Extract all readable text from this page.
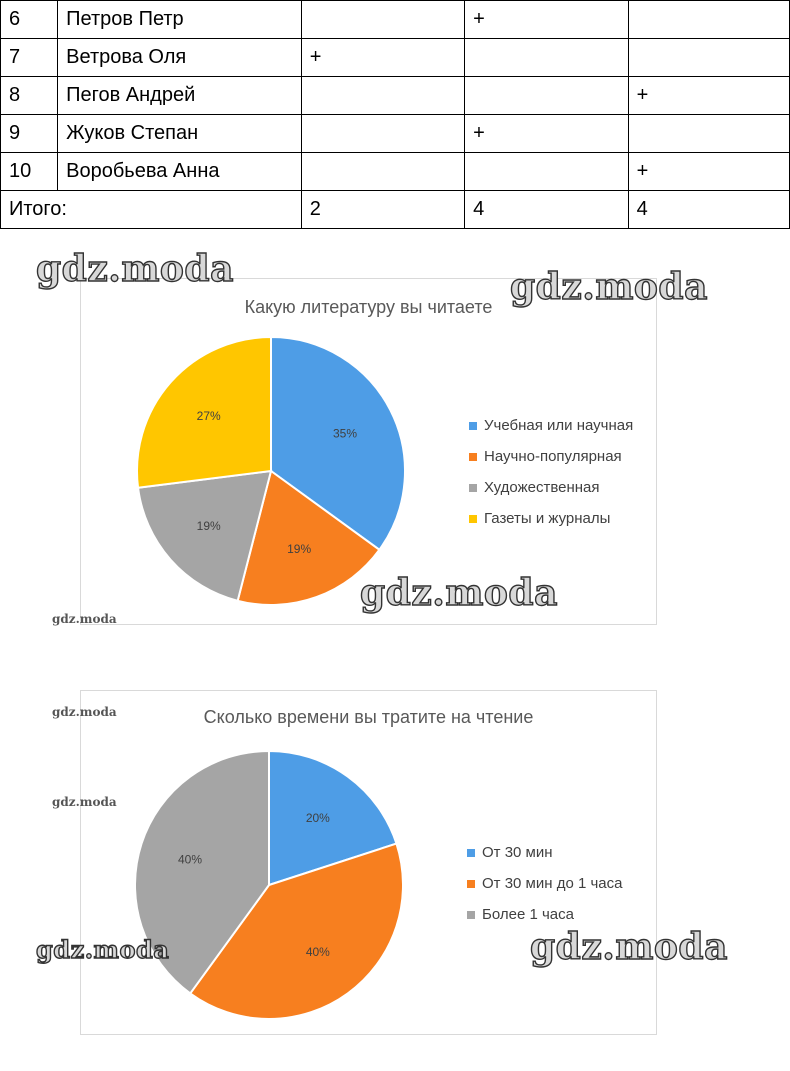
6	Петров Петр		+	
7	Ветрова Оля	+		
8	Пегов Андрей			+
9	Жуков Степан		+	
10	Воробьева Анна			+
Итого:		2	4	4
Какую литературу вы читаете
35%
19%
19%
27%
Учебная или научная
Научно-популярная
Художественная
Газеты и журналы
Сколько времени вы тратите на чтение
20%
40%
40%	От 30 мин
От 30 мин до 1 часа
Более 1 часа
gdz.moda	gdz.moda
gdz.moda
gdz.moda
gdz.moda
gdz.moda
gdz.moda	gdz.moda
